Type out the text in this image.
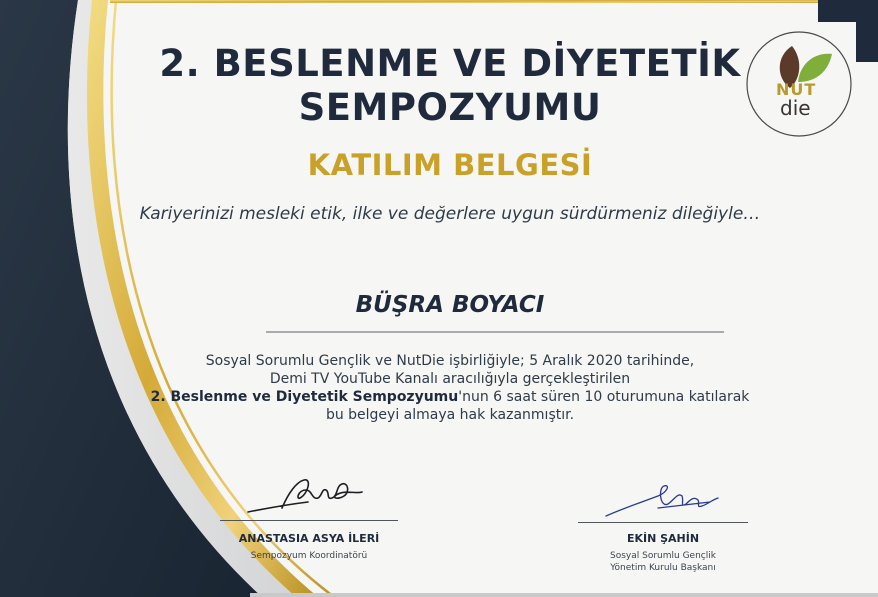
NUT
die
2. BESLENME VE DİYETETİK
SEMPOZYUMU
KATILIM BELGESİ
Kariyerinizi mesleki etik, ilke ve değerlere uygun sürdürmeniz dileğiyle…
BÜŞRA BOYACI
Sosyal Sorumlu Gençlik ve NutDie işbirliğiyle; 5 Aralık 2020 tarihinde,
Demi TV YouTube Kanalı aracılığıyla gerçekleştirilen
2. Beslenme ve Diyetetik Sempozyumu'nun 6 saat süren 10 oturumuna katılarak
bu belgeyi almaya hak kazanmıştır.
ANASTASIA ASYA İLERİ
Sempozyum Koordinatörü
EKİN ŞAHİN
Sosyal Sorumlu Gençlik
Yönetim Kurulu Başkanı
